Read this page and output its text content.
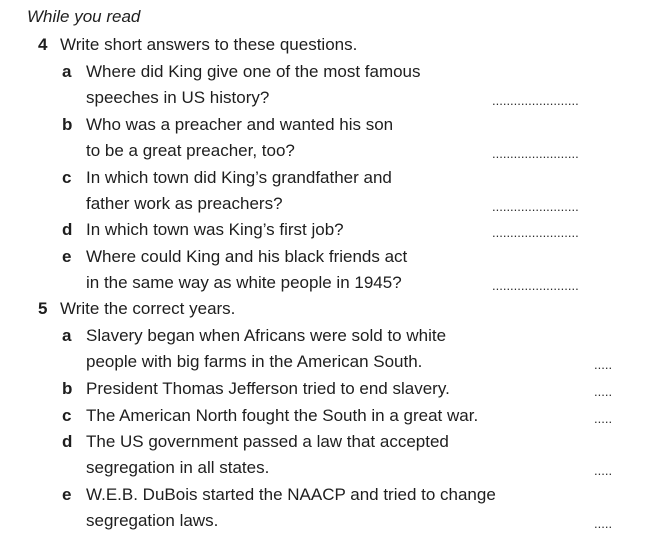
While you read
4 Write short answers to these questions.
a Where did King give one of the most famous
speeches in US history?	........................
b Who was a preacher and wanted his son
to be a great preacher, too?	........................
c In which town did King’s grandfather and
father work as preachers?	........................
d In which town was King’s first job?	........................
e Where could King and his black friends act
in the same way as white people in 1945?	........................
5 Write the correct years.
a Slavery began when Africans were sold to white
people with big farms in the American South.	.....
b President Thomas Jefferson tried to end slavery.	.....
c The American North fought the South in a great war.	.....
d The US government passed a law that accepted
segregation in all states.	.....
e W.E.B. DuBois started the NAACP and tried to change
segregation laws.	.....
